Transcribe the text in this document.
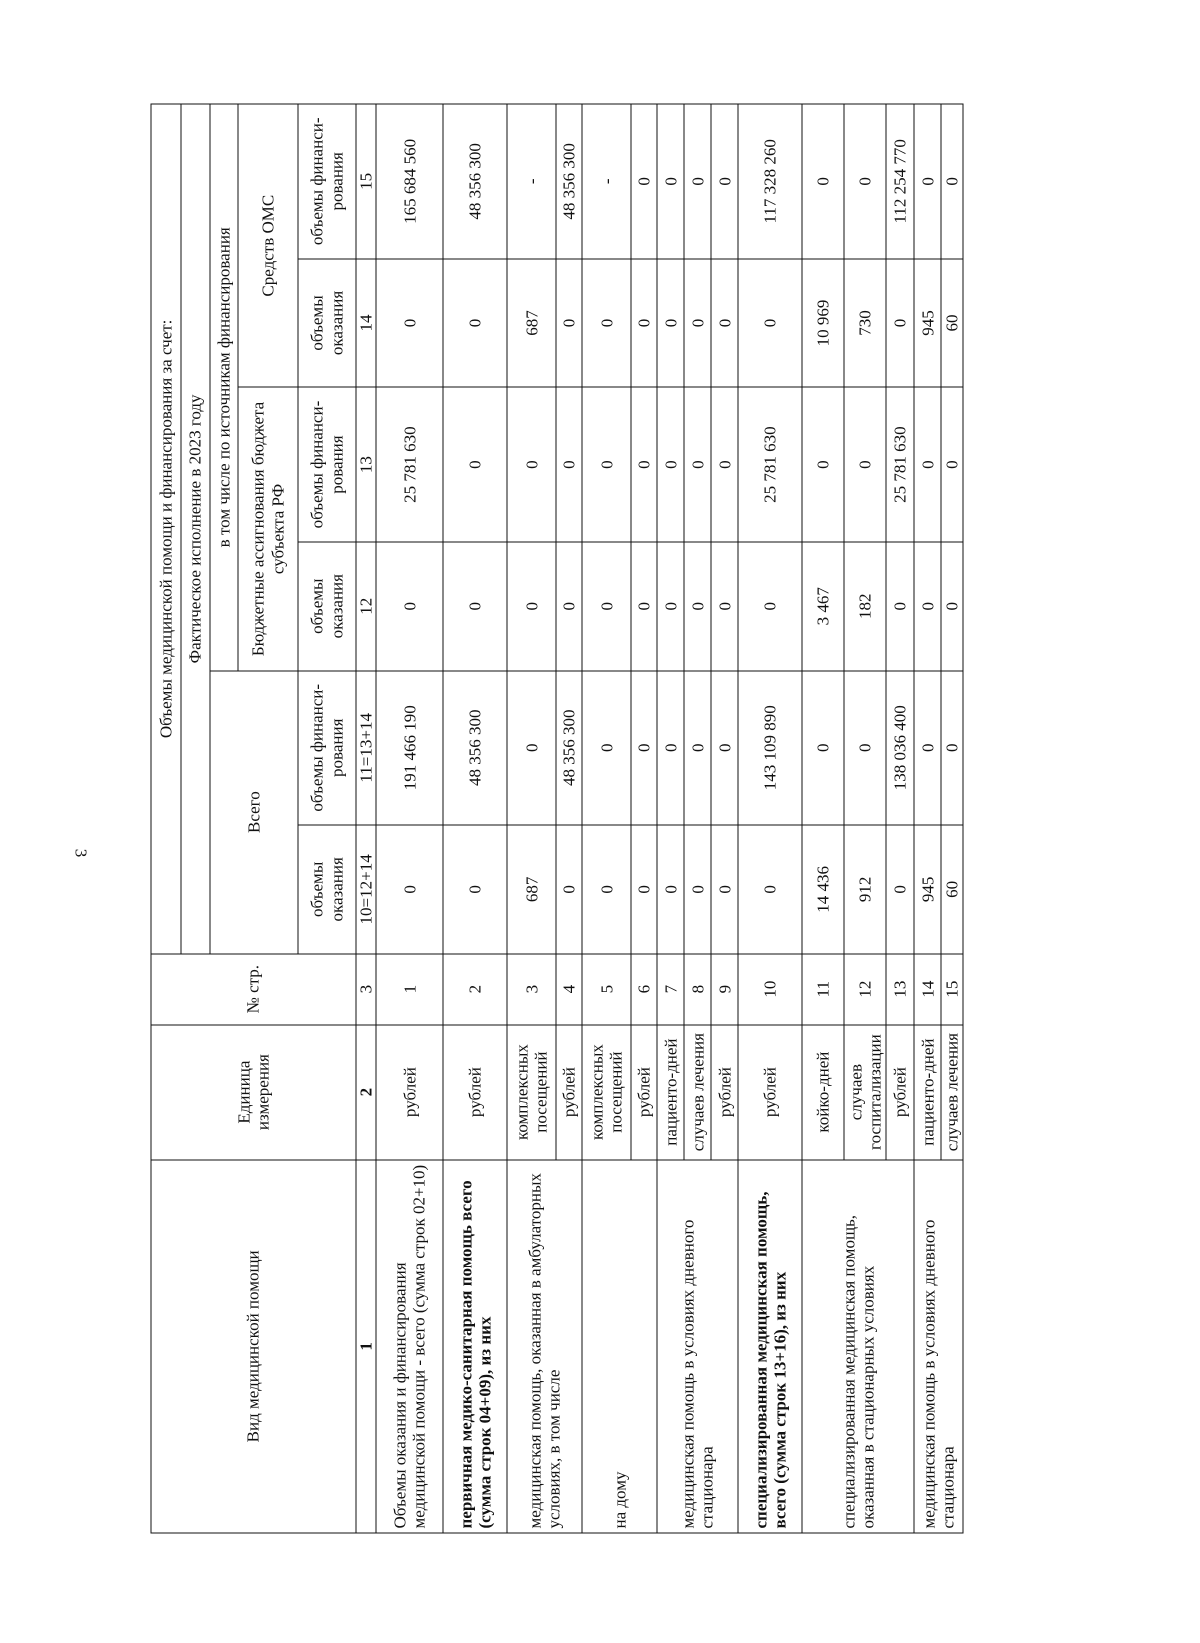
3
Вид медицинской помощи	Единица измерения	№ стр.	Объемы медицинской помощи и финансирования за счет:					
			Фактическое исполнение в 2023 году					
			Всего		в том числе по источникам финансирования			
					Бюджетные ассигнования бюджета субъекта РФ		Средств ОМС	
			объемы оказания	объемы финанси-рования	объемы оказания	объемы финанси-рования	объемы оказания	объемы финанси-рования
1	2	3	10=12+14	11=13+14	12	13	14	15
Объемы оказания и финансирования медицинской помощи - всего (сумма строк 02+10)	рублей	1	0	191 466 190	0	25 781 630	0	165 684 560
первичная медико-санитарная помощь всего (сумма строк 04+09), из них	рублей	2	0	48 356 300	0	0	0	48 356 300
медицинская помощь, оказанная в амбулаторных условиях, в том числе	комплексных посещений	3	687	0	0	0	687	-
	рублей	4	0	48 356 300	0	0	0	48 356 300
на дому	комплексных посещений	5	0	0	0	0	0	-
	рублей	6	0	0	0	0	0	0
медицинская помощь в условиях дневного стационара	пациенто-дней	7	0	0	0	0	0	0
	случаев лечения	8	0	0	0	0	0	0
	рублей	9	0	0	0	0	0	0
специализированная медицинская помощь, всего (сумма строк 13+16), из них	рублей	10	0	143 109 890	0	25 781 630	0	117 328 260
специализированная медицинская помощь, оказанная в стационарных условиях	койко-дней	11	14 436	0	3 467	0	10 969	0
	случаев госпитализации	12	912	0	182	0	730	0
	рублей	13	0	138 036 400	0	25 781 630	0	112 254 770
медицинская помощь в условиях дневного стационара	пациенто-дней	14	945	0	0	0	945	0
	случаев лечения	15	60	0	0	0	60	0
